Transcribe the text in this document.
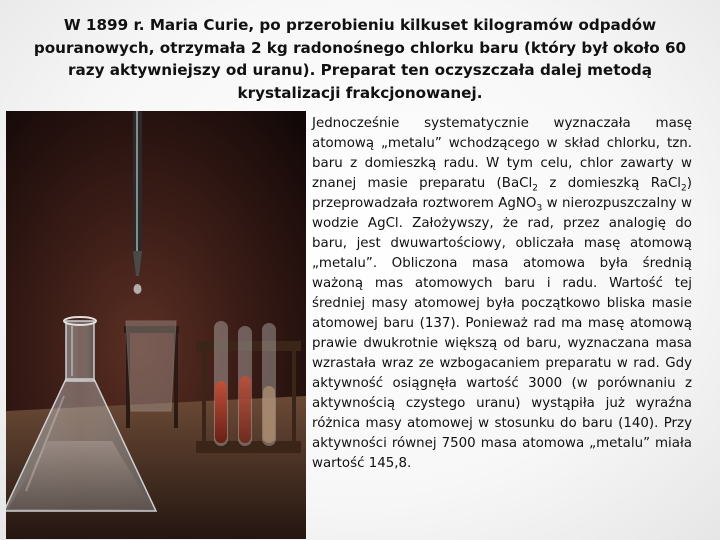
W 1899 r. Maria Curie, po przerobieniu kilkuset kilogramów odpadów pouranowych, otrzymała 2 kg radonośnego chlorku baru (który był około 60 razy aktywniejszy od uranu). Preparat ten oczyszczała dalej metodą krystalizacji frakcjonowanej.

Jednocześnie systematycznie wyznaczała masę atomową „metalu” wchodzącego w skład chlorku, tzn. baru z domieszką radu. W tym celu, chlor zawarty w znanej masie preparatu (BaCl$_2$ z domieszką RaCl$_2$) przeprowadzała roztworem AgNO$_3$ w nierozpuszczalny w wodzie AgCl. Założywszy, że rad, przez analogię do baru, jest dwuwartościowy, obliczała masę atomową „metalu”. Obliczona masa atomowa była średnią ważoną mas atomowych baru i radu. Wartość tej średniej masy atomowej była początkowo bliska masie atomowej baru (137). Ponieważ rad ma masę atomową prawie dwukrotnie większą od baru, wyznaczana masa wzrastała wraz ze wzbogacaniem preparatu w rad. Gdy aktywność osiągnęła wartość 3000 (w porównaniu z aktywnością czystego uranu) wystąpiła już wyraźna różnica masy atomowej w stosunku do baru (140). Przy aktywności równej 7500 masa atomowa „metalu” miała wartość 145,8.
